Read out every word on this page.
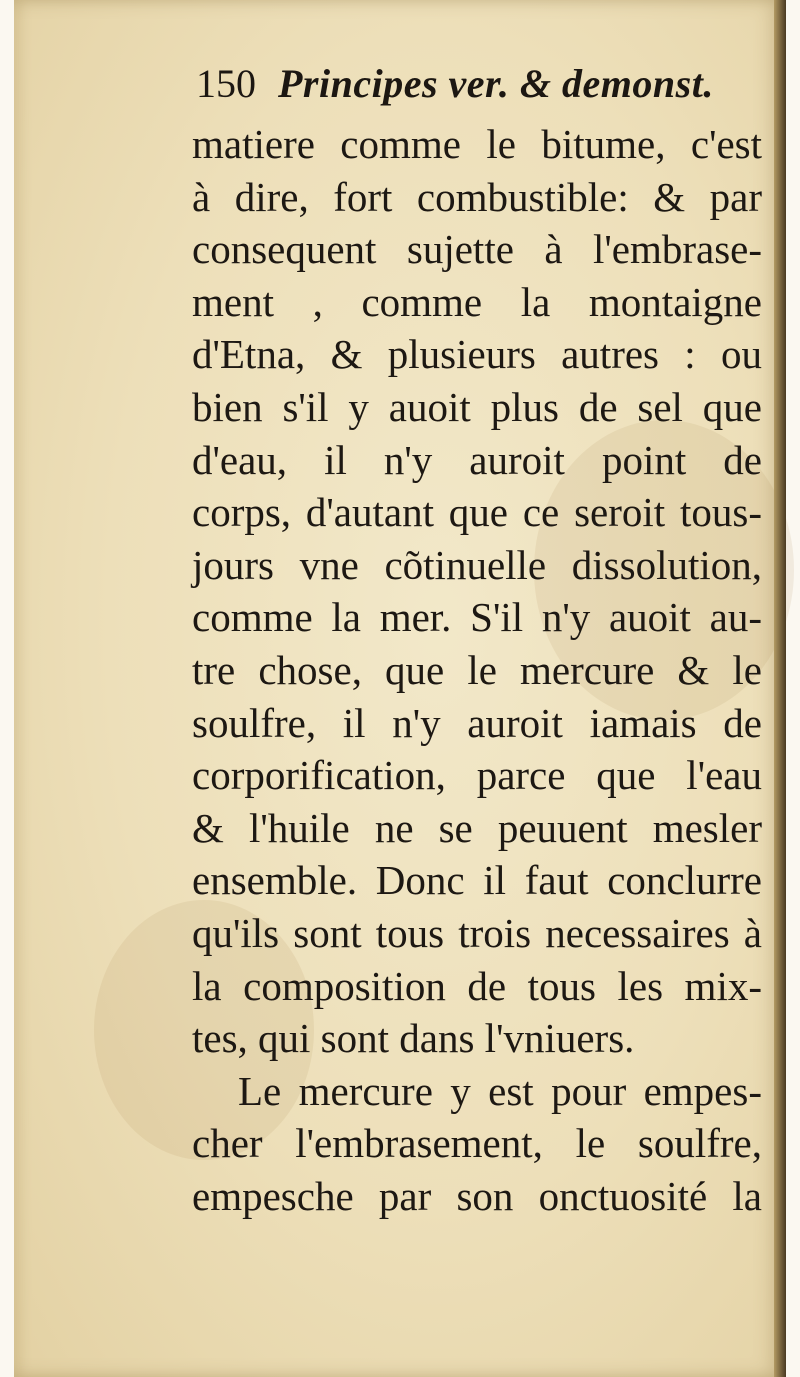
150 Principes ver. & demonst.
matiere comme le bitume, c'est
à dire, fort combustible: & par
consequent sujette à l'embrase-
ment , comme la montaigne
d'Etna, & plusieurs autres : ou
bien s'il y auoit plus de sel que
d'eau, il n'y auroit point de
corps, d'autant que ce seroit tous-
jours vne cõtinuelle dissolution,
comme la mer. S'il n'y auoit au-
tre chose, que le mercure & le
soulfre, il n'y auroit iamais de
corporification, parce que l'eau
& l'huile ne se peuuent mesler
ensemble. Donc il faut conclurre
qu'ils sont tous trois necessaires à
la composition de tous les mix-
tes, qui sont dans l'vniuers.
Le mercure y est pour empes-
cher l'embrasement, le soulfre,
empesche par son onctuosité la
